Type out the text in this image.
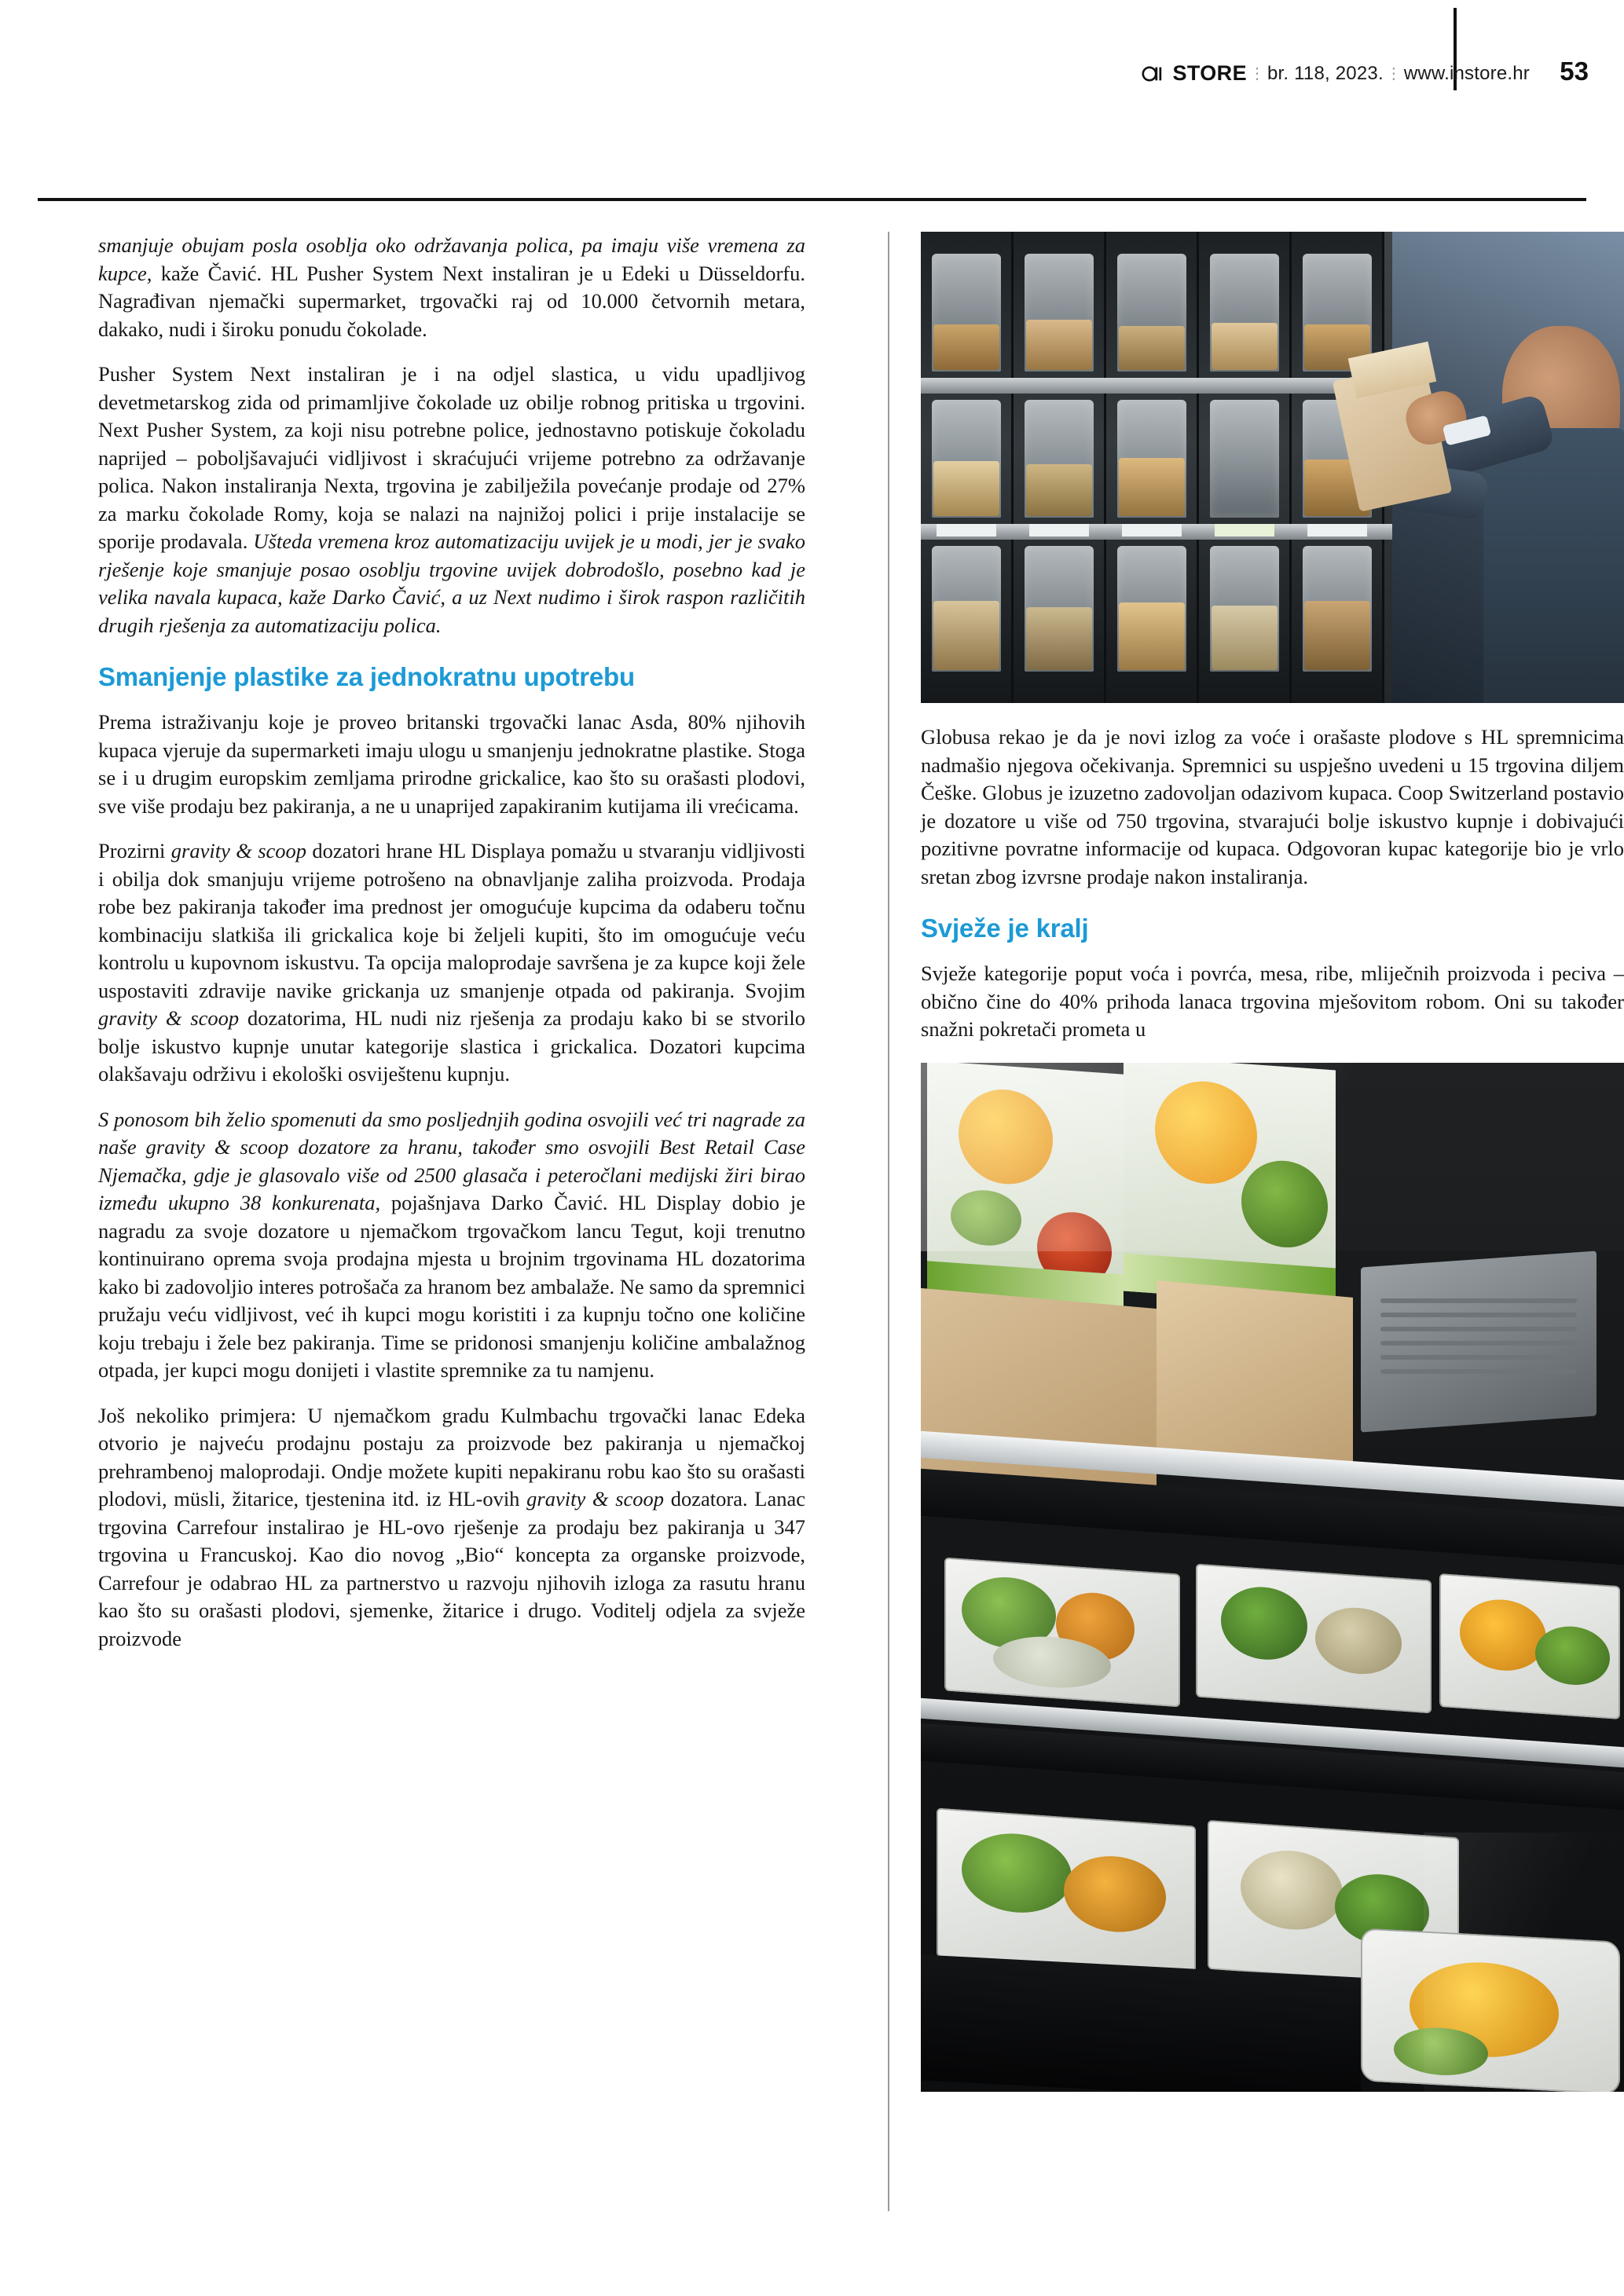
STORE ⋮ br. 118, 2023. ⋮ www.instore.hr 53

smanjuje obujam posla osoblja oko održavanja polica, pa imaju više vremena za kupce, kaže Čavić. HL Pusher System Next instaliran je u Edeki u Düsseldorfu. Nagrađivan njemački supermarket, trgovački raj od 10.000 četvornih metara, dakako, nudi i široku ponudu čokolade.

Pusher System Next instaliran je i na odjel slastica, u vidu upadljivog devetmetarskog zida od primamljive čokolade uz obilje robnog pritiska u trgovini. Next Pusher System, za koji nisu potrebne police, jednostavno potiskuje čokoladu naprijed – poboljšavajući vidljivost i skraćujući vrijeme potrebno za održavanje polica. Nakon instaliranja Nexta, trgovina je zabilježila povećanje prodaje od 27% za marku čokolade Romy, koja se nalazi na najnižoj polici i prije instalacije se sporije prodavala. Ušteda vremena kroz automatizaciju uvijek je u modi, jer je svako rješenje koje smanjuje posao osoblju trgovine uvijek dobrodošlo, posebno kad je velika navala kupaca, kaže Darko Čavić, a uz Next nudimo i širok raspon različitih drugih rješenja za automatizaciju polica.

Smanjenje plastike za jednokratnu upotrebu

Prema istraživanju koje je proveo britanski trgovački lanac Asda, 80% njihovih kupaca vjeruje da supermarketi imaju ulogu u smanjenju jednokratne plastike. Stoga se i u drugim europskim zemljama prirodne grickalice, kao što su orašasti plodovi, sve više prodaju bez pakiranja, a ne u unaprijed zapakiranim kutijama ili vrećicama.

Prozirni gravity & scoop dozatori hrane HL Displaya pomažu u stvaranju vidljivosti i obilja dok smanjuju vrijeme potrošeno na obnavljanje zaliha proizvoda. Prodaja robe bez pakiranja također ima prednost jer omogućuje kupcima da odaberu točnu kombinaciju slatkiša ili grickalica koje bi željeli kupiti, što im omogućuje veću kontrolu u kupovnom iskustvu. Ta opcija maloprodaje savršena je za kupce koji žele uspostaviti zdravije navike grickanja uz smanjenje otpada od pakiranja. Svojim gravity & scoop dozatorima, HL nudi niz rješenja za prodaju kako bi se stvorilo bolje iskustvo kupnje unutar kategorije slastica i grickalica. Dozatori kupcima olakšavaju održivu i ekološki osviještenu kupnju.

S ponosom bih želio spomenuti da smo posljednjih godina osvojili već tri nagrade za naše gravity & scoop dozatore za hranu, također smo osvojili Best Retail Case Njemačka, gdje je glasovalo više od 2500 glasača i peteročlani medijski žiri birao između ukupno 38 konkurenata, pojašnjava Darko Čavić. HL Display dobio je nagradu za svoje dozatore u njemačkom trgovačkom lancu Tegut, koji trenutno kontinuirano oprema svoja prodajna mjesta u brojnim trgovinama HL dozatorima kako bi zadovoljio interes potrošača za hranom bez ambalaže. Ne samo da spremnici pružaju veću vidljivost, već ih kupci mogu koristiti i za kupnju točno one količine koju trebaju i žele bez pakiranja. Time se pridonosi smanjenju količine ambalažnog otpada, jer kupci mogu donijeti i vlastite spremnike za tu namjenu.

Još nekoliko primjera: U njemačkom gradu Kulmbachu trgovački lanac Edeka otvorio je najveću prodajnu postaju za proizvode bez pakiranja u njemačkoj prehrambenoj maloprodaji. Ondje možete kupiti nepakiranu robu kao što su orašasti plodovi, müsli, žitarice, tjestenina itd. iz HL-ovih gravity & scoop dozatora. Lanac trgovina Carrefour instalirao je HL-ovo rješenje za prodaju bez pakiranja u 347 trgovina u Francuskoj. Kao dio novog „Bio“ koncepta za organske proizvode, Carrefour je odabrao HL za partnerstvo u razvoju njihovih izloga za rasutu hranu kao što su orašasti plodovi, sjemenke, žitarice i drugo. Voditelj odjela za svježe proizvode

Globusa rekao je da je novi izlog za voće i orašaste plodove s HL spremnicima nadmašio njegova očekivanja. Spremnici su uspješno uvedeni u 15 trgovina diljem Češke. Globus je izuzetno zadovoljan odazivom kupaca. Coop Switzerland postavio je dozatore u više od 750 trgovina, stvarajući bolje iskustvo kupnje i dobivajući pozitivne povratne informacije od kupaca. Odgovoran kupac kategorije bio je vrlo sretan zbog izvrsne prodaje nakon instaliranja.

Svježe je kralj

Svježe kategorije poput voća i povrća, mesa, ribe, mliječnih proizvoda i peciva – obično čine do 40% prihoda lanaca trgovina mješovitom robom. Oni su također snažni pokretači prometa u
